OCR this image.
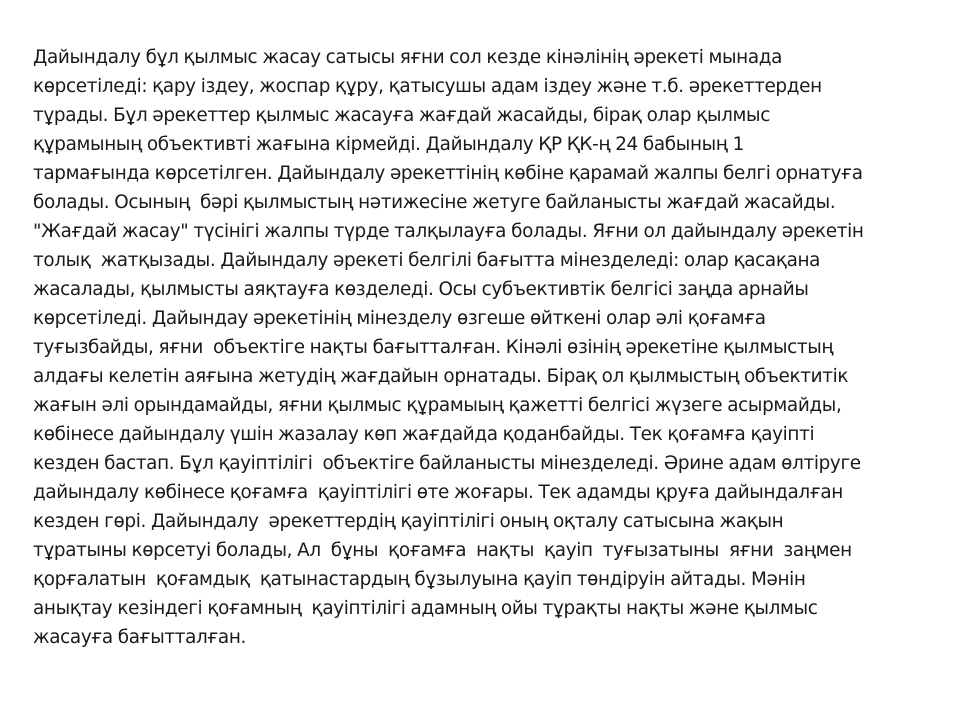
Дайындалу бұл қылмыс жасау сатысы яғни сол кезде кінәлінің әрекеті мынада
көрсетіледі: қару іздеу, жоспар құру, қатысушы адам іздеу және т.б. әрекеттерден
тұрады. Бұл әрекеттер қылмыс жасауға жағдай жасайды, бірақ олар қылмыс
құрамының объективті жағына кірмейді. Дайындалу ҚР ҚК-ң 24 бабының 1
тармағында көрсетілген. Дайындалу әрекеттінің көбіне қарамай жалпы белгі орнатуға
болады. Осының  бәрі қылмыстың нәтижесіне жетуге байланысты жағдай жасайды.
"Жағдай жасау" түсінігі жалпы түрде талқылауға болады. Яғни ол дайындалу әрекетін
толық  жатқызады. Дайындалу әрекеті белгілі бағытта мінезделеді: олар қасақана
жасалады, қылмысты аяқтауға көзделеді. Осы субъективтік белгісі заңда арнайы
көрсетіледі. Дайындау әрекетінің мінезделу өзгеше өйткені олар әлі қоғамға
туғызбайды, яғни  объектіге нақты бағытталған. Кінәлі өзінің әрекетіне қылмыстың
алдағы келетін аяғына жетудің жағдайын орнатады. Бірақ ол қылмыстың объектитік
жағын әлі орындамайды, яғни қылмыс құрамыың қажетті белгісі жүзеге асырмайды,
көбінесе дайындалу үшін жазалау көп жағдайда қоданбайды. Тек қоғамға қауіпті
кезден бастап. Бұл қауіптілігі  объектіге байланысты мінезделеді. Әрине адам өлтіруге
дайындалу көбінесе қоғамға  қауіптілігі өте жоғары. Тек адамды қруға дайындалған
кезден гөрі. Дайындалу  әрекеттердің қауіптілігі оның оқталу сатысына жақын
тұратыны көрсетуі болады, Ал  бұны  қоғамға  нақты  қауіп  туғызатыны  яғни  заңмен
қорғалатын  қоғамдық  қатынастардың бұзылуына қауіп төндіруін айтады. Мәнін
анықтау кезіндегі қоғамның  қауіптілігі адамның ойы тұрақты нақты және қылмыс
жасауға бағытталған.
